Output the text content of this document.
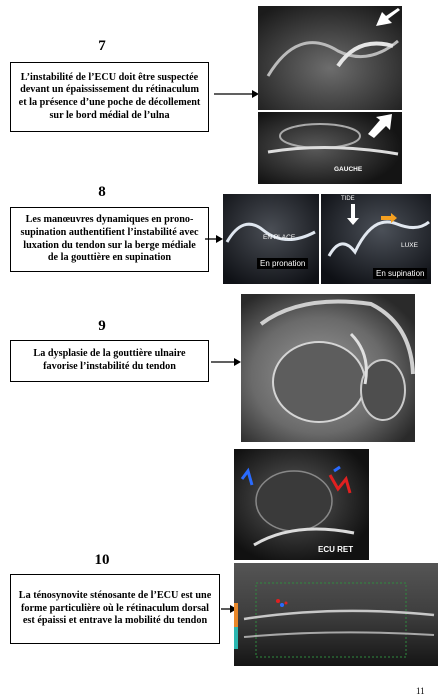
7
L’instabilité de l’ECU doit être suspectée devant un épaississement du rétinaculum et la présence d’une poche de décollement sur le bord médial de l’ulna
GAUCHE
8
Les manœuvres dynamiques en prono-supination authentifient l’instabilité avec luxation du tendon sur la berge médiale de la gouttière en supination
EN PLACE
En pronation
TIDE
LUXE
En supination
9
La dysplasie de la gouttière ulnaire favorise l’instabilité du tendon
10
La ténosynovite sténosante de l’ECU est une forme particulière où le rétinaculum dorsal est épaissi et entrave la mobilité du tendon
ECU RET
11
